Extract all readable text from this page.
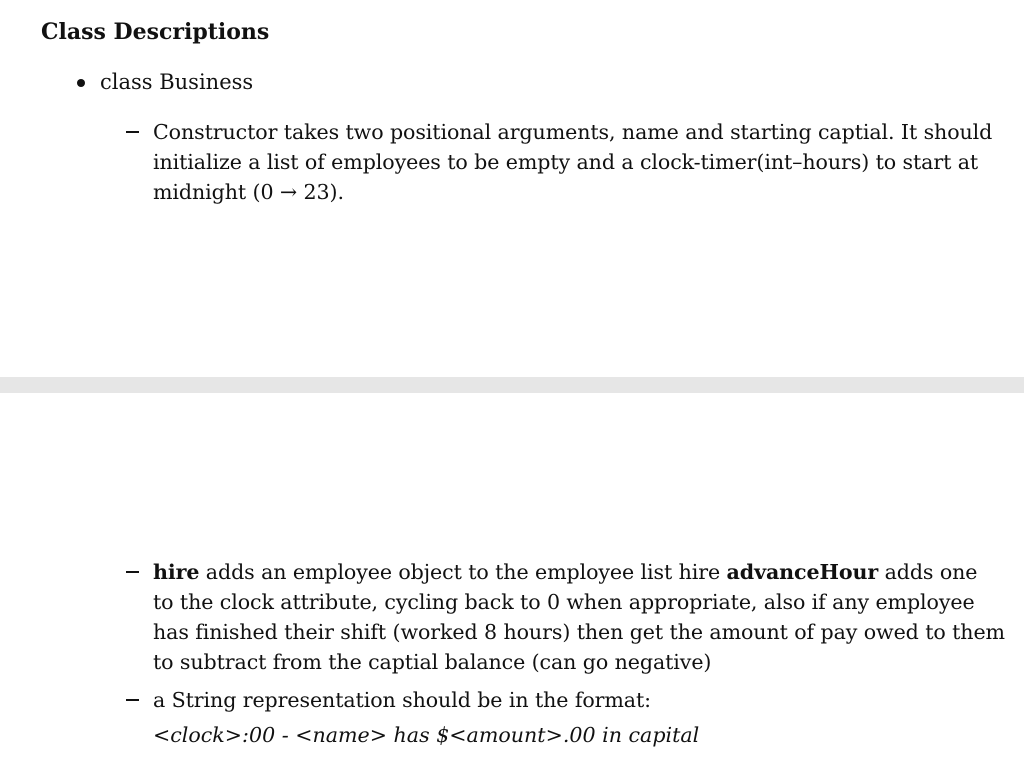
Class Descriptions
class Business
Constructor takes two positional arguments, name and starting captial. It should
initialize a list of employees to be empty and a clock-timer(int–hours) to start at
midnight (0 → 23).
hire adds an employee object to the employee list hire advanceHour adds one
to the clock attribute, cycling back to 0 when appropriate, also if any employee
has finished their shift (worked 8 hours) then get the amount of pay owed to them
to subtract from the captial balance (can go negative)
a String representation should be in the format:
<clock>:00 - <name> has $<amount>.00 in capital
